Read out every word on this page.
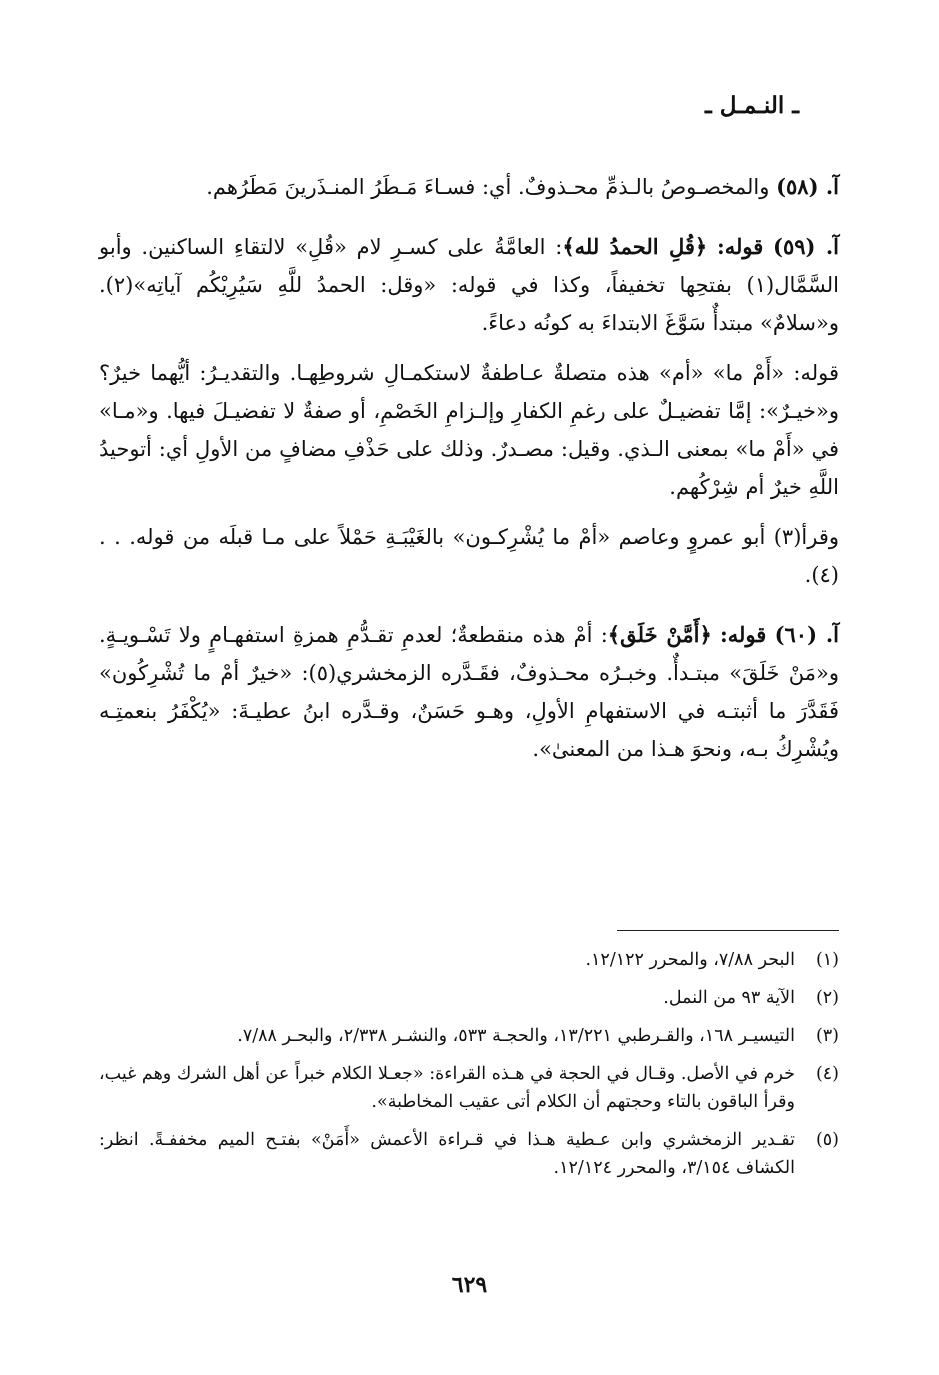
ـ النـمـل ـ

آ. (٥٨) والمخصـوصُ بالـذمِّ محـذوفٌ. أي: فسـاءَ مَـطَرُ المنـذَرينَ مَطَرُهم.

آ. (٥٩) قوله: ﴿قُلِ الحمدُ لله﴾: العامَّةُ على كسـرِ لام «قُلِ» لالتقاءِ الساكنين. وأبو السَّمَّال(١) بفتحِها تخفيفاً، وكذا في قوله: «وقل: الحمدُ للَّهِ سَيُرِيْكُم آياتِه»(٢). و«سلامٌ» مبتدأٌ سَوَّغَ الابتداءَ به كونُه دعاءً.

قوله: «أَمْ ما» «أم» هذه متصلةٌ عـاطفةٌ لاستكمـالِ شروطِهـا. والتقديـرُ: أيُّهما خيرٌ؟ و«خيـرٌ»: إمَّا تفضيـلٌ على رغمِ الكفارِ وإلـزامِ الخَصْمِ، أو صفةٌ لا تفضيـلَ فيها. و«مـا» في «أَمْ ما» بمعنى الـذي. وقيل: مصـدرٌ. وذلك على حَذْفِ مضافٍ من الأولِ أي: أتوحيدُ اللَّهِ خيرٌ أم شِرْكُهم.

وقرأ(٣) أبو عمروٍ وعاصم «أمْ ما يُشْرِكـون» بالغَيْبَـةِ حَمْلاً على مـا قبلَه من قوله. . . (٤).

آ. (٦٠) قوله: ﴿أَمَّنْ خَلَق﴾: أمْ هذه منقطعةٌ؛ لعدمِ تقـدُّمِ همزةِ استفهـامٍ ولا تَسْـويـةٍ. و«مَنْ خَلَقَ» مبتـدأٌ. وخبـرُه محـذوفٌ، فقَـدَّره الزمخشري(٥): «خيرٌ أمْ ما تُشْرِكُون» فَقَدَّرَ ما أثبتـه في الاستفهامِ الأولِ، وهـو حَسَنٌ، وقـدَّره ابنُ عطيـةَ: «يُكْفَرُ بنعمتِـه ويُشْرِكُ بـه، ونحوَ هـذا من المعنىٰ».

(١)
البحر ٧/٨٨، والمحرر ١٢/١٢٢.
(٢)
الآية ٩٣ من النمل.
(٣)
التيسيـر ١٦٨، والقـرطبي ١٣/٢٢١، والحجـة ٥٣٣، والنشـر ٢/٣٣٨، والبحـر ٧/٨٨.
(٤)
خرم في الأصل. وقـال في الحجة في هـذه القراءة: «جعـلا الكلام خبراً عن أهل الشرك وهم غيب، وقرأ الباقون بالتاء وحجتهم أن الكلام أتى عقيب المخاطبة».
(٥)
تقـدير الزمخشري وابن عـطية هـذا في قـراءة الأعمش «أَمَنْ» بفتـح الميم مخففـةً. انظر: الكشاف ٣/١٥٤، والمحرر ١٢/١٢٤.
٦٢٩
